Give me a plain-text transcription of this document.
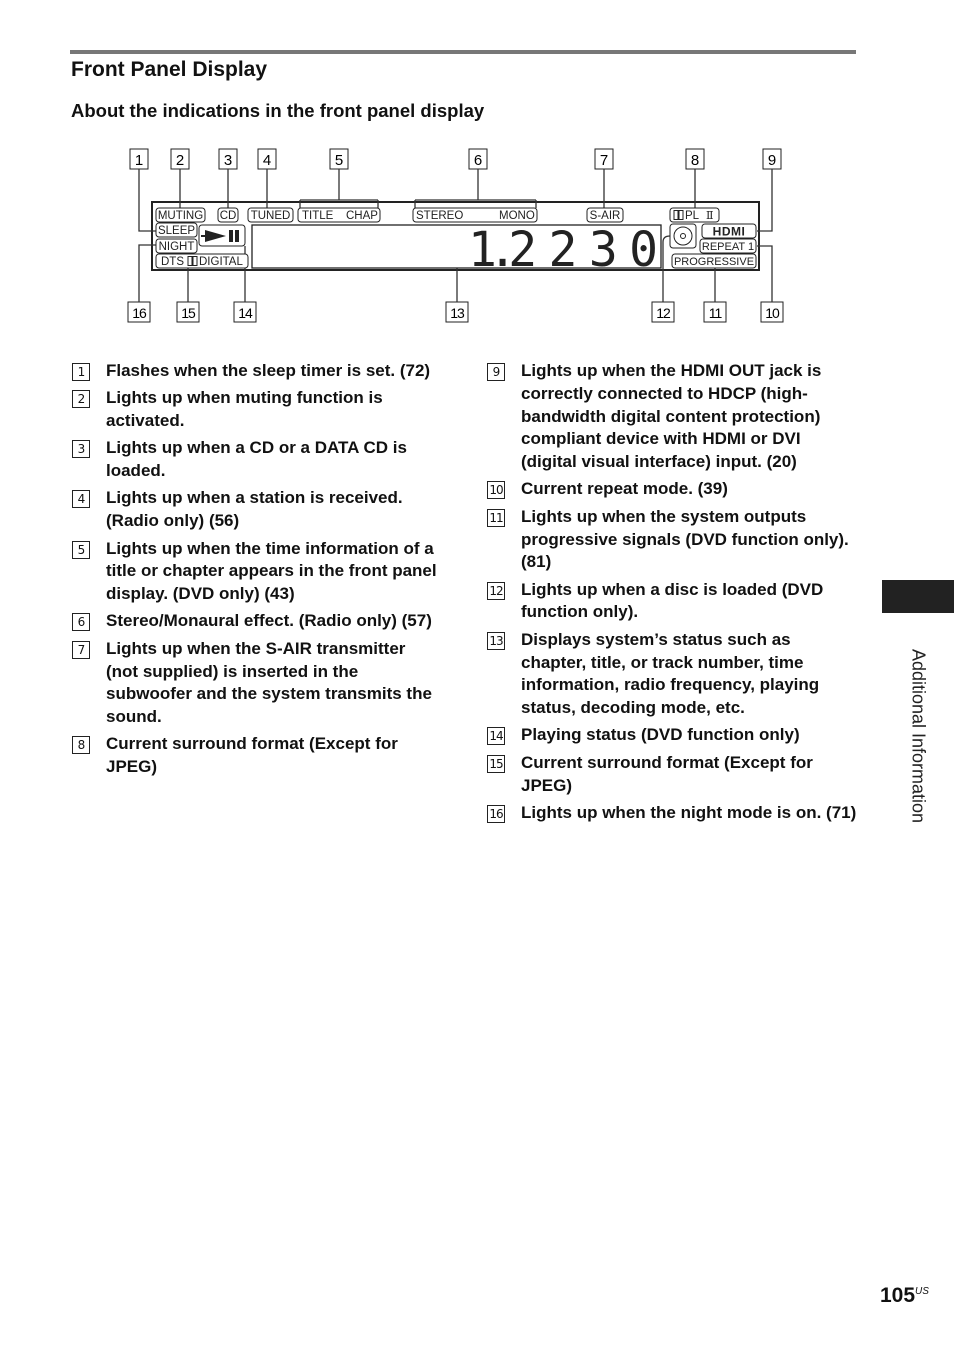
Front Panel Display
About the indications in the front panel display
1 2	3 4	5	6	7	8	9
16	15	14	13	12	11	10
MUTING CD TUNED TITLE CHAP	STEREO	MONO	S-AIR	PL Ⅱ
SLEEP
NIGHT
DTS DIGITAL	1.2 2 3 0	HDMI
REPEAT 1
PROGRESSIVE
1	Flashes when the sleep timer is set. (72)
2	Lights up when muting function is activated.
3	Lights up when a CD or a DATA CD is loaded.
4	Lights up when a station is received. (Radio only) (56)
5	Lights up when the time information of a title or chapter appears in the front panel display. (DVD only) (43)
6	Stereo/Monaural effect. (Radio only) (57)
7	Lights up when the S-AIR transmitter (not supplied) is inserted in the subwoofer and the system transmits the sound.
8	Current surround format (Except for JPEG)
9	Lights up when the HDMI OUT jack is correctly connected to HDCP (high-bandwidth digital content protection) compliant device with HDMI or DVI (digital visual interface) input. (20)
10 Current repeat mode. (39)
11 Lights up when the system outputs progressive signals (DVD function only). (81)
12 Lights up when a disc is loaded (DVD function only).
13 Displays system’s status such as chapter, title, or track number, time information, radio frequency, playing status, decoding mode, etc.
14 Playing status (DVD function only)
15 Current surround format (Except for JPEG)
16 Lights up when the night mode is on. (71)	Additional Information
$105^{US}$
